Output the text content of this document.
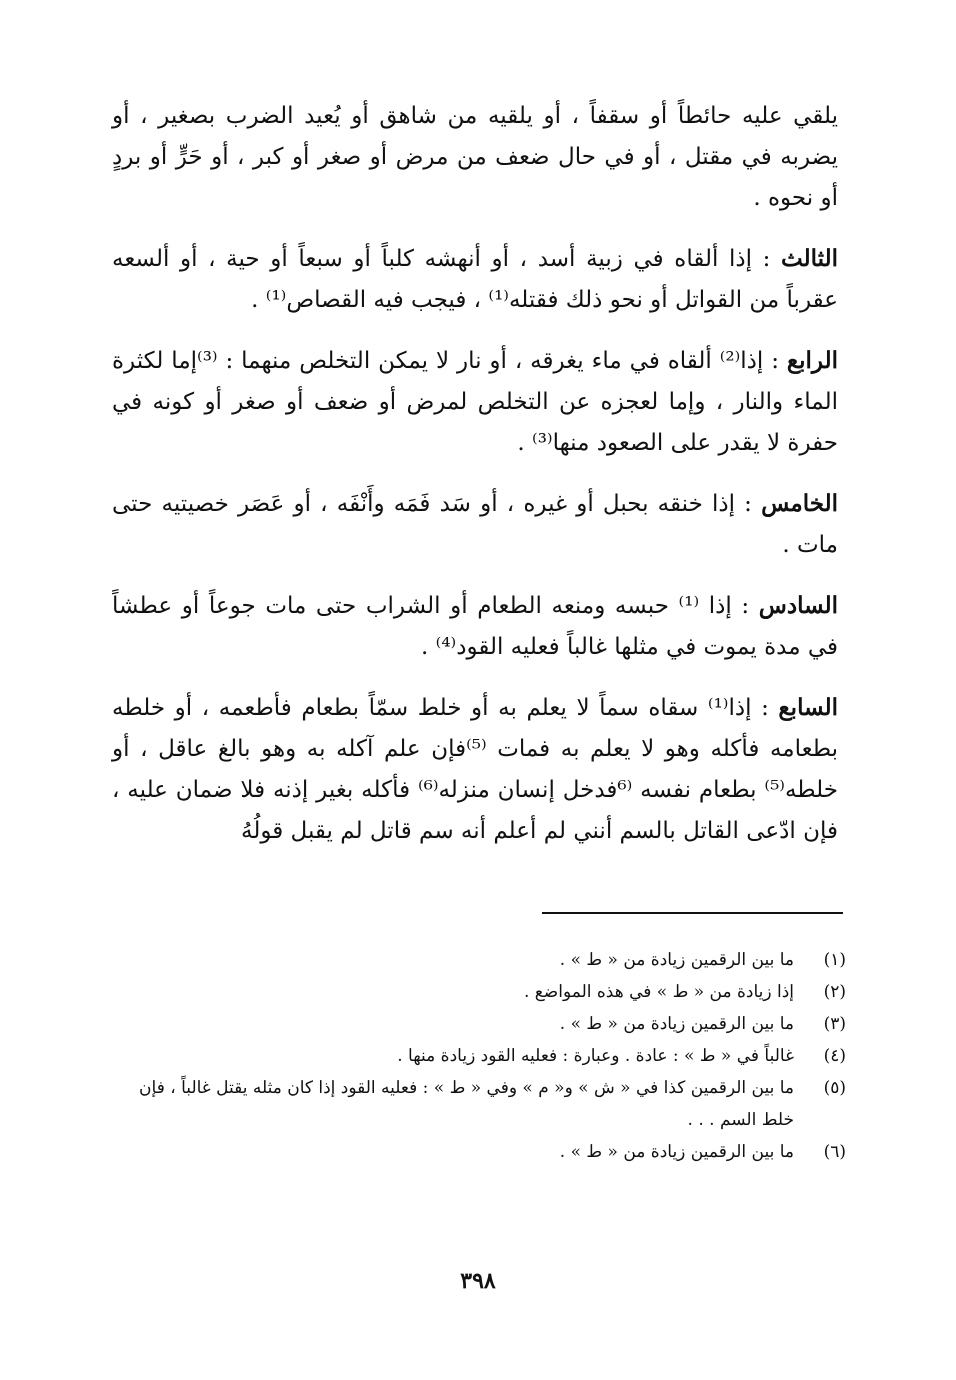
يلقي عليه حائطاً أو سقفاً ، أو يلقيه من شاهق أو يُعيد الضرب بصغير ، أو يضربه في مقتل ، أو في حال ضعف من مرض أو صغر أو كبر ، أو حَرٍّ أو بردٍ أو نحوه .

الثالث : إذا ألقاه في زبية أسد ، أو أنهشه كلباً أو سبعاً أو حية ، أو ألسعه عقرباً من القواتل أو نحو ذلك فقتله⁽¹⁾ ، فيجب فيه القصاص⁽¹⁾ .

الرابع : إذا⁽²⁾ ألقاه في ماء يغرقه ، أو نار لا يمكن التخلص منهما : ⁽³⁾إما لكثرة الماء والنار ، وإما لعجزه عن التخلص لمرض أو ضعف أو صغر أو كونه في حفرة لا يقدر على الصعود منها⁽³⁾ .

الخامس : إذا خنقه بحبل أو غيره ، أو سَد فَمَه وأَنْفَه ، أو عَصَر خصيتيه حتى مات .

السادس : إذا ⁽¹⁾ حبسه ومنعه الطعام أو الشراب حتى مات جوعاً أو عطشاً في مدة يموت في مثلها غالباً فعليه القود⁽⁴⁾ .

السابع : إذا⁽¹⁾ سقاه سماً لا يعلم به أو خلط سمّاً بطعام فأطعمه ، أو خلطه بطعامه فأكله وهو لا يعلم به فمات ⁽⁵⁾فإن علم آكله به وهو بالغ عاقل ، أو خلطه⁽⁵⁾ بطعام نفسه ⁽⁶فدخل إنسان منزله⁽⁶⁾ فأكله بغير إذنه فلا ضمان عليه ، فإن ادّعى القاتل بالسم أنني لم أعلم أنه سم قاتل لم يقبل قولُهُ

(١)
ما بين الرقمين زيادة من « ط » .
(٢)
إذا زيادة من « ط » في هذه المواضع .
(٣)
ما بين الرقمين زيادة من « ط » .
(٤)
غالباً في « ط » : عادة . وعبارة : فعليه القود زيادة منها .
(٥)
ما بين الرقمين كذا في « ش » و« م » وفي « ط » : فعليه القود إذا كان مثله يقتل غالباً ، فإن خلط السم . . .
(٦)
ما بين الرقمين زيادة من « ط » .
٣٩٨
